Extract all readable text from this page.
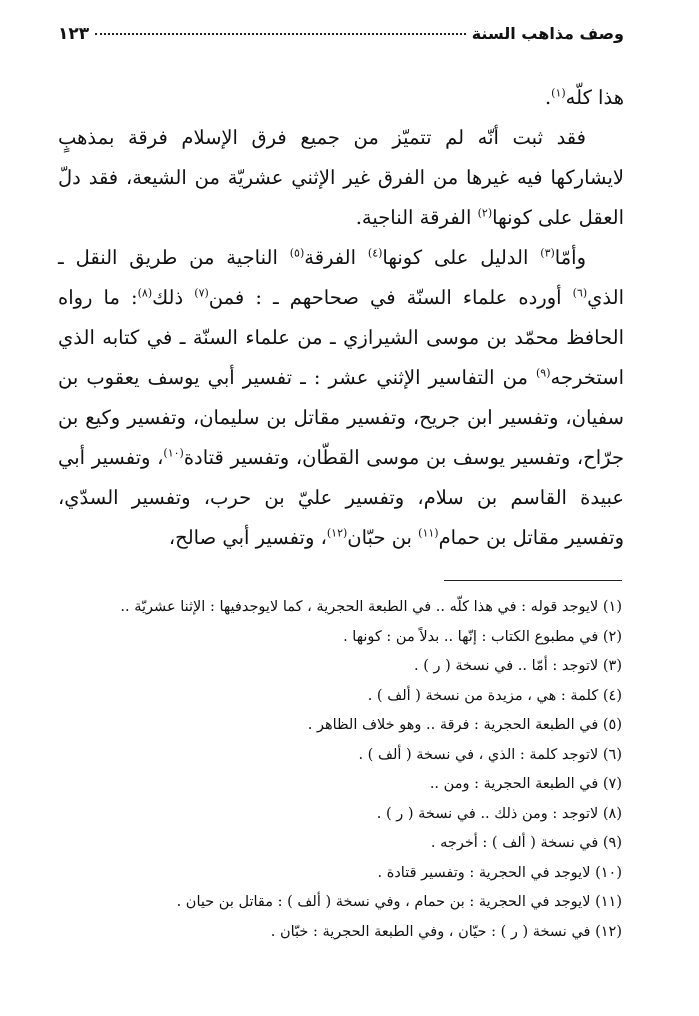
وصف مذاهب السنة
١٢٣

هذا كلّه$^{(١)}$.

فقد ثبت أنّه لم تتميّز من جميع فرق الإسلام فرقة بمذهبٍ لايشاركها فيه غيرها من الفرق غير الإثني عشريّة من الشيعة، فقد دلّ العقل على كونها$^{(٢)}$ الفرقة الناجية.

وأمّا$^{(٣)}$ الدليل على كونها$^{(٤)}$ الفرقة$^{(٥)}$ الناجية من طريق النقل ـ الذي$^{(٦)}$ أورده علماء السنّة في صحاحهم ـ : فمن$^{(٧)}$ ذلك$^{(٨)}$: ما رواه الحافظ محمّد بن موسى الشيرازي ـ من علماء السنّة ـ في كتابه الذي استخرجه$^{(٩)}$ من التفاسير الإثني عشر : ـ تفسير أبي يوسف يعقوب بن سفيان، وتفسير ابن جريح، وتفسير مقاتل بن سليمان، وتفسير وكيع بن جرّاح، وتفسير يوسف بن موسى القطّان، وتفسير قتادة$^{(١٠)}$، وتفسير أبي عبيدة القاسم بن سلام، وتفسير عليّ بن حرب، وتفسير السدّي، وتفسير مقاتل بن حمام$^{(١١)}$ بن حبّان$^{(١٢)}$، وتفسير أبي صالح،

(١) لايوجد قوله : في هذا كلّه .. في الطبعة الحجرية ، كما لايوجدفيها : الإثنا عشريّة ..
(٢) في مطبوع الكتاب : إنّها .. بدلاً من : كونها .
(٣) لاتوجد : أمّا .. في نسخة ( ر ) .
(٤) كلمة : هي ، مزيدة من نسخة ( ألف ) .
(٥) في الطبعة الحجرية : فرقة .. وهو خلاف الظاهر .
(٦) لاتوجد كلمة : الذي ، في نسخة ( ألف ) .
(٧) في الطبعة الحجرية : ومن ..
(٨) لاتوجد : ومن ذلك .. في نسخة ( ر ) .
(٩) في نسخة ( ألف ) : أخرجه .
(١٠) لايوجد في الحجرية : وتفسير قتادة .
(١١) لايوجد في الحجرية : بن حمام ، وفي نسخة ( ألف ) : مقاتل بن حيان .
(١٢) في نسخة ( ر ) : حيّان ، وفي الطبعة الحجرية : خبّان .
